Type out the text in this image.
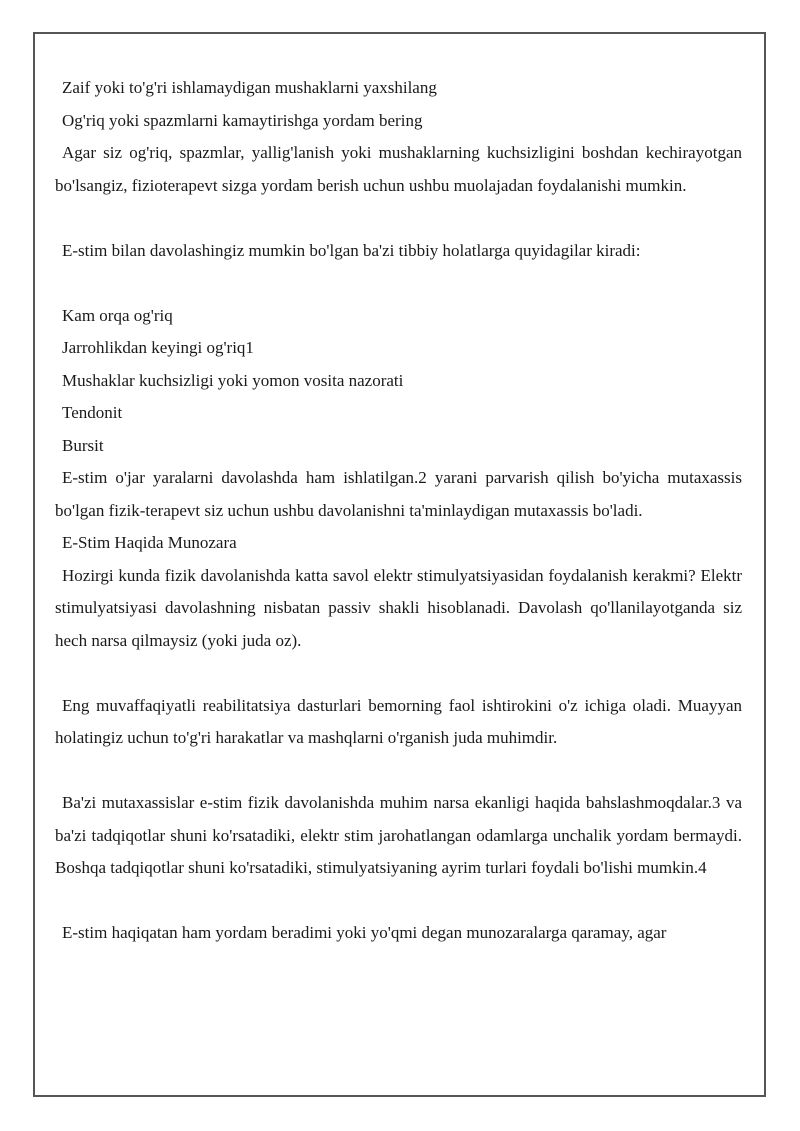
Zaif yoki to'g'ri ishlamaydigan mushaklarni yaxshilang

Og'riq yoki spazmlarni kamaytirishga yordam bering

Agar siz og'riq, spazmlar, yallig'lanish yoki mushaklarning kuchsizligini boshdan kechirayotgan bo'lsangiz, fizioterapevt sizga yordam berish uchun ushbu muolajadan foydalanishi mumkin.

E-stim bilan davolashingiz mumkin bo'lgan ba'zi tibbiy holatlarga quyidagilar kiradi:

Kam orqa og'riq

Jarrohlikdan keyingi og'riq1

Mushaklar kuchsizligi yoki yomon vosita nazorati

Tendonit

Bursit

E-stim o'jar yaralarni davolashda ham ishlatilgan.2 yarani parvarish qilish bo'yicha mutaxassis bo'lgan fizik-terapevt siz uchun ushbu davolanishni ta'minlaydigan mutaxassis bo'ladi.

E-Stim Haqida Munozara

Hozirgi kunda fizik davolanishda katta savol elektr stimulyatsiyasidan foydalanish kerakmi? Elektr stimulyatsiyasi davolashning nisbatan passiv shakli hisoblanadi. Davolash qo'llanilayotganda siz hech narsa qilmaysiz (yoki juda oz).

Eng muvaffaqiyatli reabilitatsiya dasturlari bemorning faol ishtirokini o'z ichiga oladi. Muayyan holatingiz uchun to'g'ri harakatlar va mashqlarni o'rganish juda muhimdir.

Ba'zi mutaxassislar e-stim fizik davolanishda muhim narsa ekanligi haqida bahslashmoqdalar.3 va ba'zi tadqiqotlar shuni ko'rsatadiki, elektr stim jarohatlangan odamlarga unchalik yordam bermaydi. Boshqa tadqiqotlar shuni ko'rsatadiki, stimulyatsiyaning ayrim turlari foydali bo'lishi mumkin.4

E-stim haqiqatan ham yordam beradimi yoki yo'qmi degan munozaralarga qaramay, agar
